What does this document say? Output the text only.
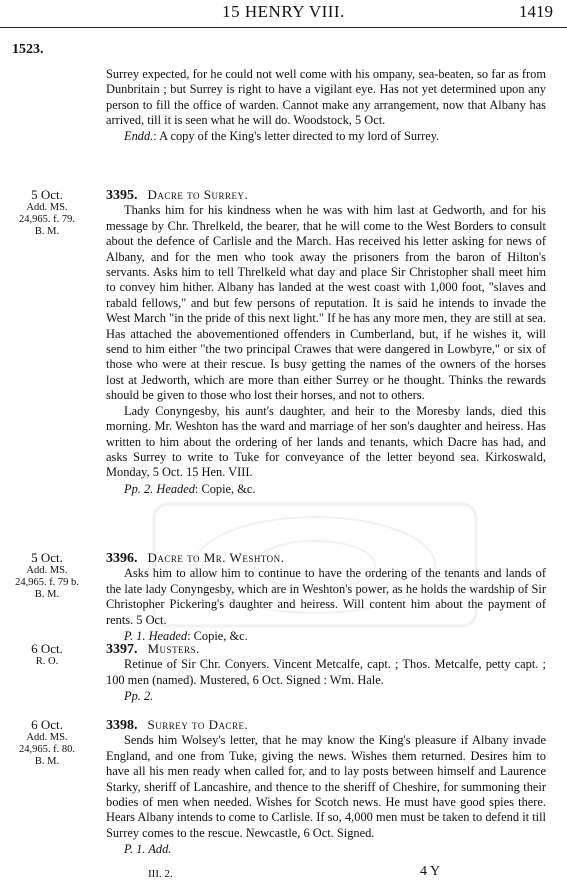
15 HENRY VIII.	1419
1523.

Surrey expected, for he could not well come with his ompany, sea-beaten, so far as from Dunbritain ; but Surrey is right to have a vigilant eye. Has not yet determined upon any person to fill the office of warden. Cannot make any arrangement, now that Albany has arrived, till it is seen what he will do. Woodstock, 5 Oct.

Endd.: A copy of the King's letter directed to my lord of Surrey.

5 Oct.
Add. MS.
24,965. f. 79.
B. M.

3395. Dacre to Surrey.

Thanks him for his kindness when he was with him last at Gedworth, and for his message by Chr. Threlkeld, the bearer, that he will come to the West Borders to consult about the defence of Carlisle and the March. Has received his letter asking for news of Albany, and for the men who took away the prisoners from the baron of Hilton's servants. Asks him to tell Threlkeld what day and place Sir Christopher shall meet him to convey him hither. Albany has landed at the west coast with 1,000 foot, "slaves and rabald fellows," and but few persons of reputation. It is said he intends to invade the West March "in the pride of this next light." If he has any more men, they are still at sea. Has attached the abovementioned offenders in Cumberland, but, if he wishes it, will send to him either "the two principal Crawes that were dangered in Lowbyre," or six of those who were at their rescue. Is busy getting the names of the owners of the horses lost at Jedworth, which are more than either Surrey or he thought. Thinks the rewards should be given to those who lost their horses, and not to others.

Lady Conyngesby, his aunt's daughter, and heir to the Moresby lands, died this morning. Mr. Weshton has the ward and marriage of her son's daughter and heiress. Has written to him about the ordering of her lands and tenants, which Dacre has had, and asks Surrey to write to Tuke for conveyance of the letter beyond sea. Kirkoswald, Monday, 5 Oct. 15 Hen. VIII.

Pp. 2. Headed: Copie, &c.

5 Oct.
Add. MS.
24,965. f. 79 b.
B. M.

3396. Dacre to Mr. Weshton.

Asks him to allow him to continue to have the ordering of the tenants and lands of the late lady Conyngesby, which are in Weshton's power, as he holds the wardship of Sir Christopher Pickering's daughter and heiress. Will content him about the payment of rents. 5 Oct.

P. 1. Headed: Copie, &c.

6 Oct.
R. O.

3397. Musters.

Retinue of Sir Chr. Conyers. Vincent Metcalfe, capt. ; Thos. Metcalfe, petty capt. ; 100 men (named). Mustered, 6 Oct. Signed : Wm. Hale.

Pp. 2.

6 Oct.
Add. MS.
24,965. f. 80.
B. M.

3398. Surrey to Dacre.

Sends him Wolsey's letter, that he may know the King's pleasure if Albany invade England, and one from Tuke, giving the news. Wishes them returned. Desires him to have all his men ready when called for, and to lay posts between himself and Laurence Starky, sheriff of Lancashire, and thence to the sheriff of Cheshire, for summoning their bodies of men when needed. Wishes for Scotch news. He must have good spies there. Hears Albany intends to come to Carlisle. If so, 4,000 men must be taken to defend it till Surrey comes to the rescue. Newcastle, 6 Oct. Signed.

P. 1. Add.

III. 2.	4 Y
